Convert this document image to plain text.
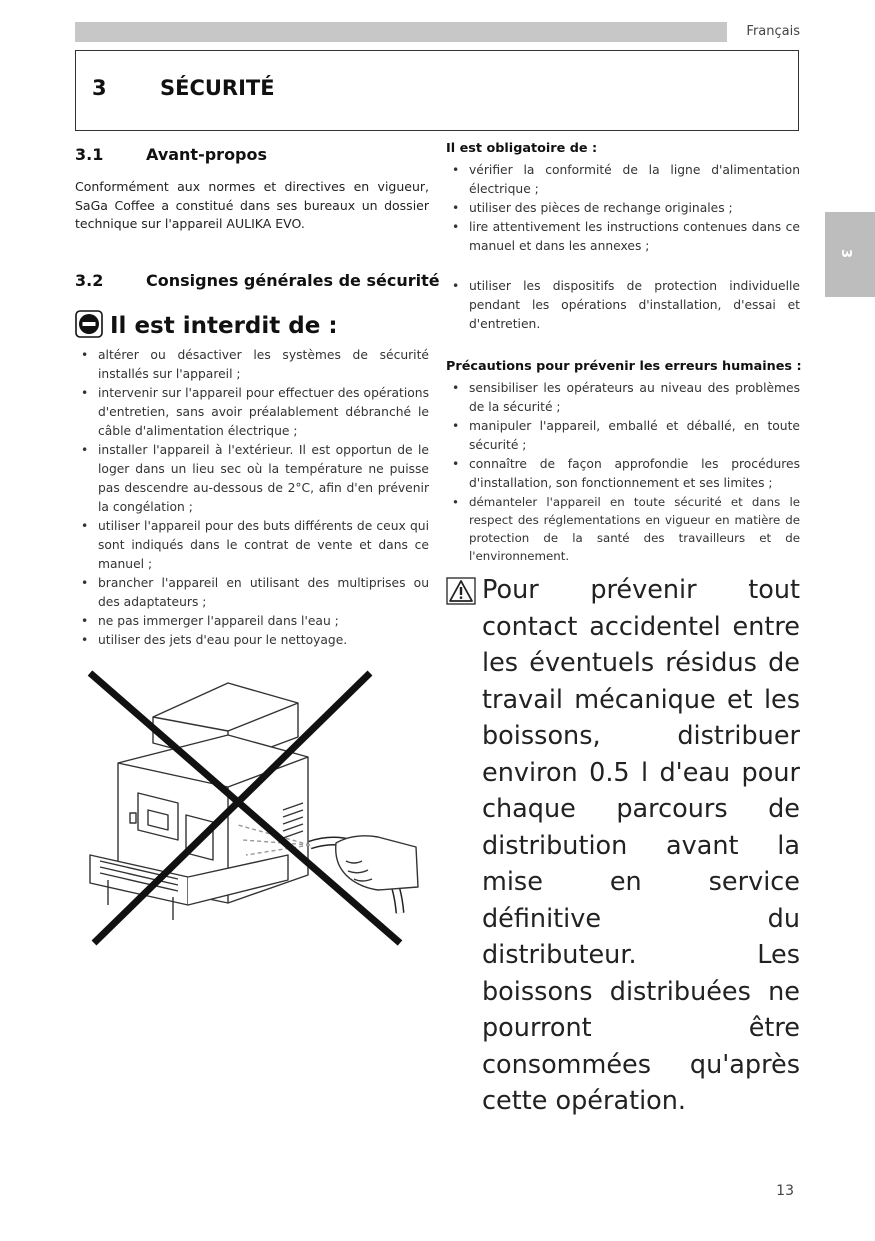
Français
3	SÉCURITÉ
3
3.1	Avant-propos
Conformément aux normes et directives en vigueur, SaGa Coffee a constitué dans ses bureaux un dossier technique sur l'appareil AULIKA EVO.
3.2	Consignes générales de sécurité
Il est interdit de :
• altérer ou désactiver les systèmes de sécurité installés sur l'appareil ;
• intervenir sur l'appareil pour effectuer des opérations d'entretien, sans avoir préalablement débranché le câble d'alimentation électrique ;
• installer l'appareil à l'extérieur. Il est opportun de le loger dans un lieu sec où la température ne puisse pas descendre au-dessous de 2°C, afin d'en prévenir la congélation ;
• utiliser l'appareil pour des buts différents de ceux qui sont indiqués dans le contrat de vente et dans ce manuel ;
• brancher l'appareil en utilisant des multiprises ou des adaptateurs ;
• ne pas immerger l'appareil dans l'eau ;
• utiliser des jets d'eau pour le nettoyage.
Il est obligatoire de :
• vérifier la conformité de la ligne d'alimentation électrique ;
• utiliser des pièces de rechange originales ;
• lire attentivement les instructions contenues dans ce manuel et dans les annexes ;
• utiliser les dispositifs de protection individuelle pendant les opérations d'installation, d'essai et d'entretien.
Précautions pour prévenir les erreurs humaines :
• sensibiliser les opérateurs au niveau des problèmes de la sécurité ;
• manipuler l'appareil, emballé et déballé, en toute sécurité ;
• connaître de façon approfondie les procédures d'installation, son fonctionnement et ses limites ;
• démanteler l'appareil en toute sécurité et dans le respect des réglementations en vigueur en matière de protection de la santé des travailleurs et de l'environnement.
Pour prévenir tout contact accidentel entre les éventuels résidus de travail mécanique et les boissons, distribuer environ 0.5 l d'eau pour chaque parcours de distribution avant la mise en service définitive du distributeur. Les boissons distribuées ne pourront être consommées qu'après cette opération.
13
